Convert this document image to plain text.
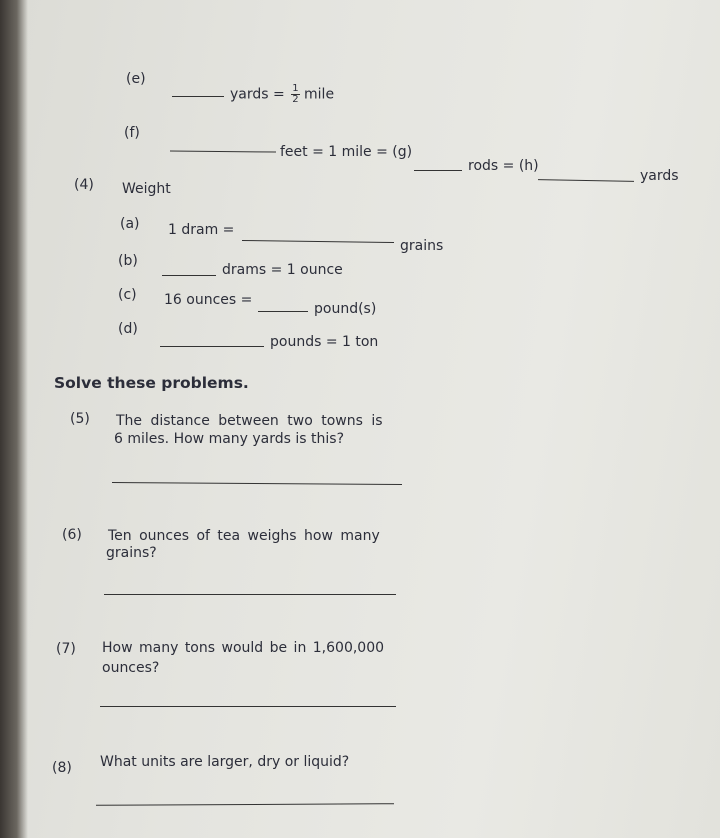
(e)
yards = $\frac{1}{2}$ mile
(f)
feet = 1 mile = (g)
rods = (h)
yards
(4) Weight
(a) 1 dram =
grains
(b)
drams = 1 ounce
(c) 16 ounces =
pound(s)
(d)
pounds = 1 ton
Solve these problems.
(5) The distance between two towns is
6 miles. How many yards is this?
(6) Ten ounces of tea weighs how many
grains?
(7) How many tons would be in 1,600,000
ounces?
(8) What units are larger, dry or liquid?
